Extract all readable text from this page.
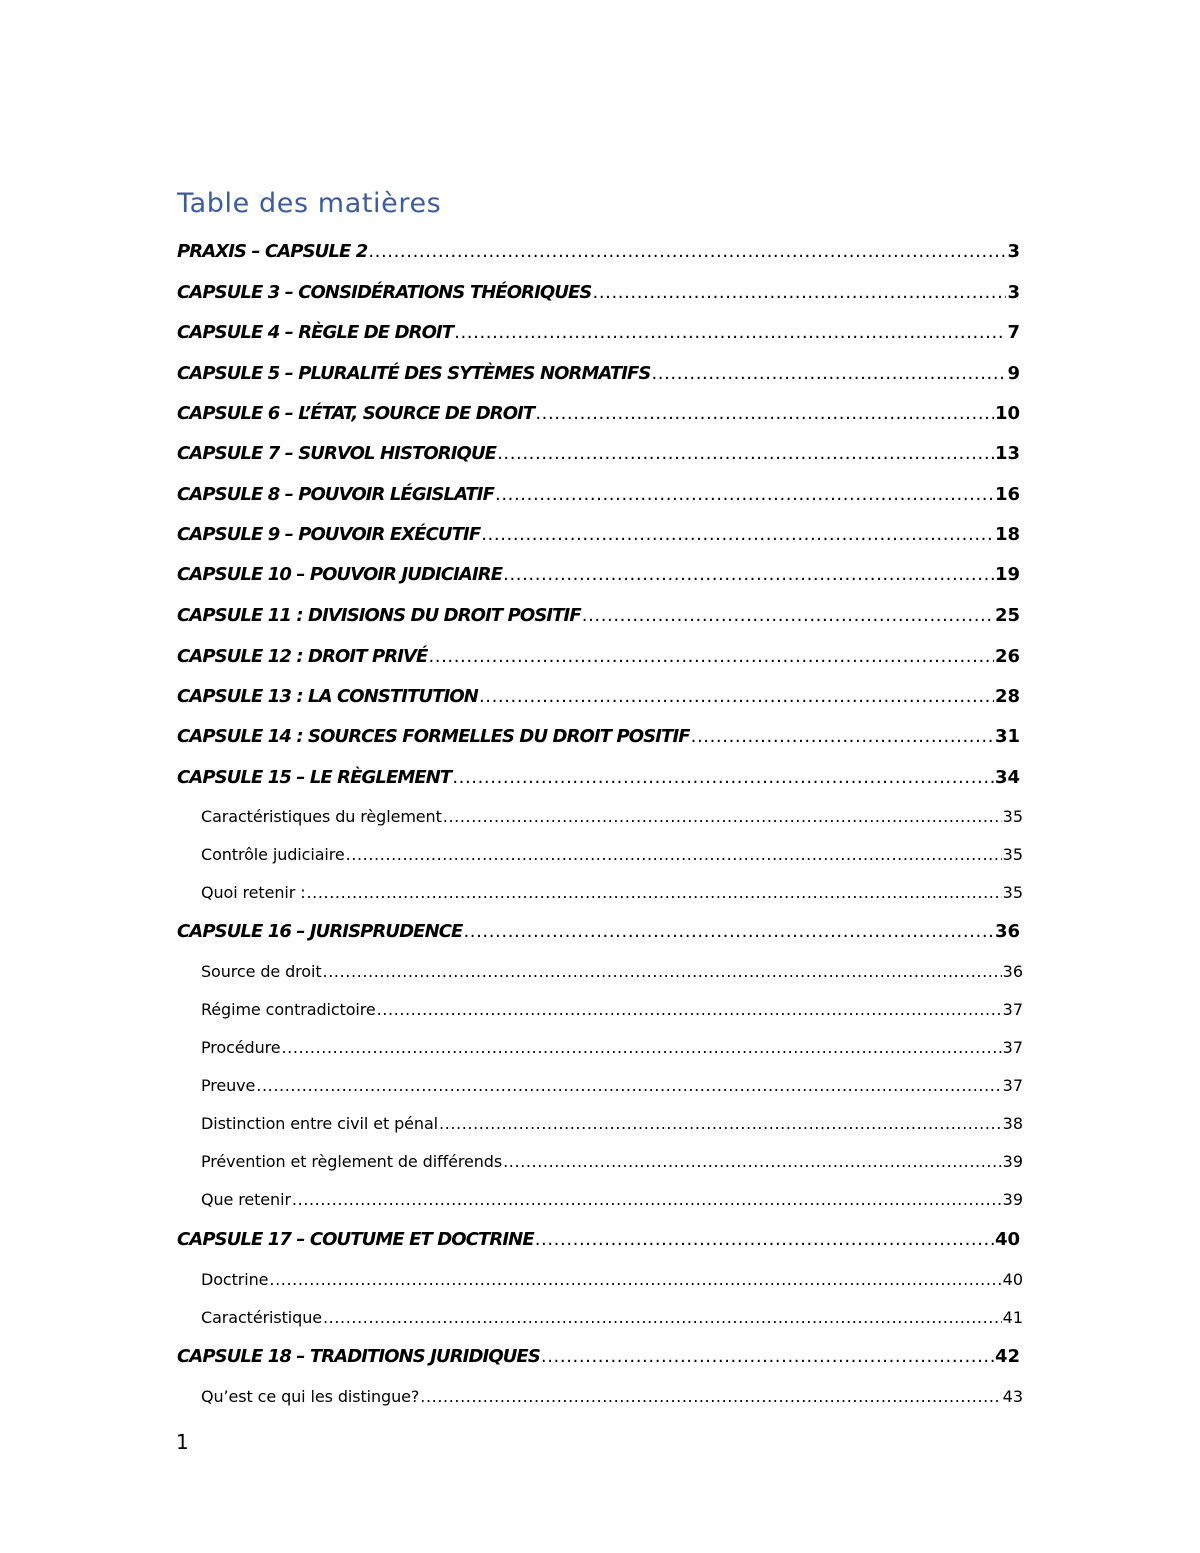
Table des matières
PRAXIS – CAPSULE 2 .....	3
CAPSULE 3 – CONSIDÉRATIONS THÉORIQUES .....	3
CAPSULE 4 – RÈGLE DE DROIT .....	7
CAPSULE 5 – PLURALITÉ DES SYTÈMES NORMATIFS .....	9
CAPSULE 6 – L’ÉTAT, SOURCE DE DROIT .....	10
CAPSULE 7 – SURVOL HISTORIQUE .....	13
CAPSULE 8 – POUVOIR LÉGISLATIF .....	16
CAPSULE 9 – POUVOIR EXÉCUTIF .....	18
CAPSULE 10 – POUVOIR JUDICIAIRE .....	19
CAPSULE 11 : DIVISIONS DU DROIT POSITIF .....	25
CAPSULE 12 : DROIT PRIVÉ .....	26
CAPSULE 13 : LA CONSTITUTION .....	28
CAPSULE 14 : SOURCES FORMELLES DU DROIT POSITIF .....	31
CAPSULE 15 – LE RÈGLEMENT .....	34
Caractéristiques du règlement .....	35
Contrôle judiciaire .....	35
Quoi retenir : .....	35
CAPSULE 16 – JURISPRUDENCE .....	36
Source de droit .....	36
Régime contradictoire .....	37
Procédure .....	37
Preuve .....	37
Distinction entre civil et pénal .....	38
Prévention et règlement de différends .....	39
Que retenir .....	39
CAPSULE 17 – COUTUME ET DOCTRINE .....	40
Doctrine .....	40
Caractéristique .....	41
CAPSULE 18 – TRADITIONS JURIDIQUES .....	42
Qu’est ce qui les distingue? .....	43
1
